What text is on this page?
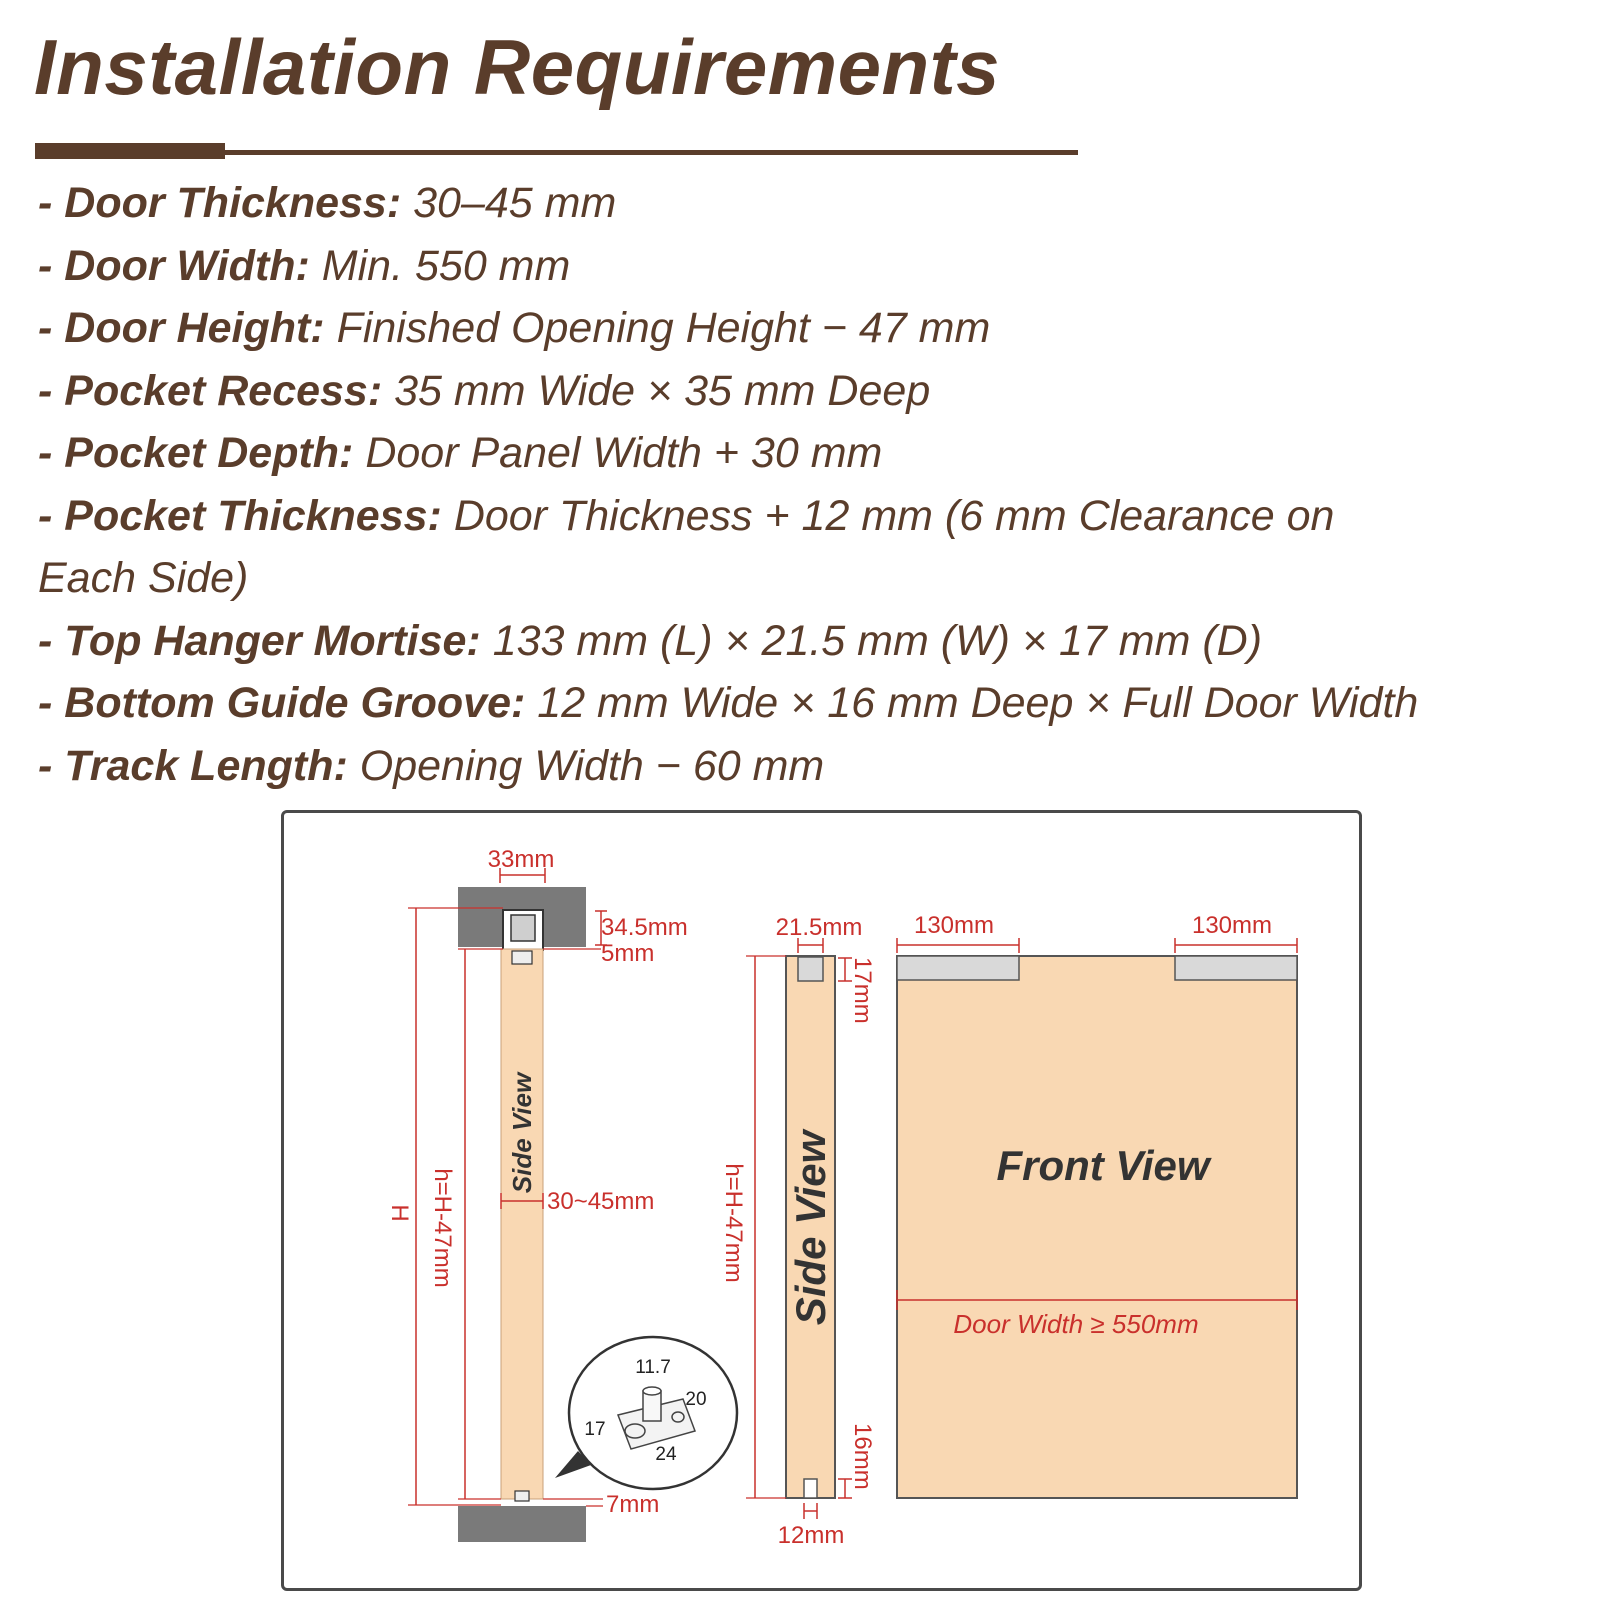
Installation Requirements
- Door Thickness: 30–45 mm
- Door Width: Min. 550 mm
- Door Height: Finished Opening Height − 47 mm
- Pocket Recess: 35 mm Wide × 35 mm Deep
- Pocket Depth: Door Panel Width + 30 mm
- Pocket Thickness: Door Thickness + 12 mm (6 mm Clearance on
Each Side)
- Top Hanger Mortise: 133 mm (L) × 21.5 mm (W) × 17 mm (D)
- Bottom Guide Groove: 12 mm Wide × 16 mm Deep × Full Door Width
- Track Length: Opening Width − 60 mm
Side View
33mm
34.5mm
5mm
H h=H-47mm	30~45mm
7mm
11.7
20
17
24
Side View
21.5mm
17mm
16mm
12mm
h=H-47mm	Front View
130mm	130mm
Door Width ≥ 550mm
